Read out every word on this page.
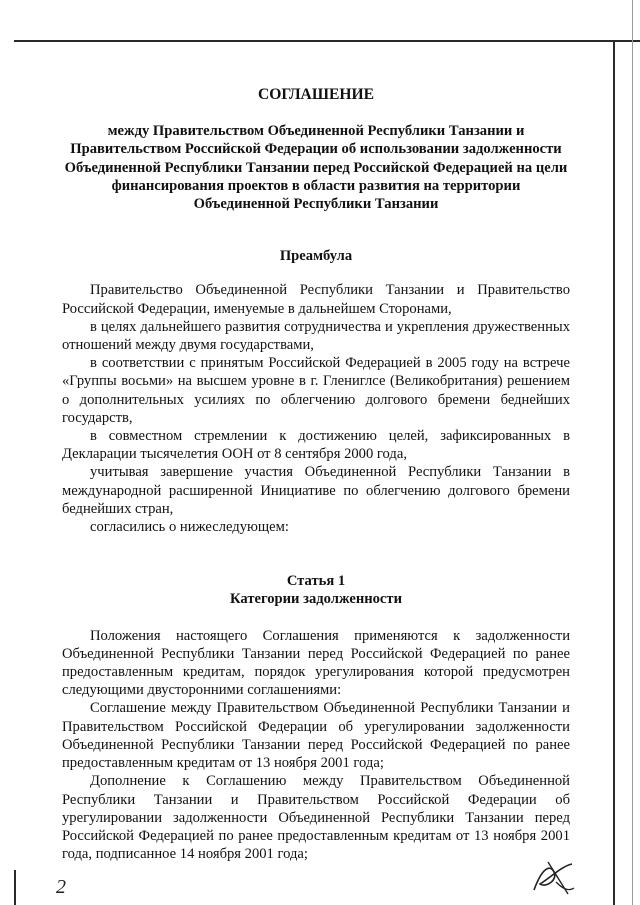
СОГЛАШЕНИЕ
между Правительством Объединенной Республики Танзании и Правительством Российской Федерации об использовании задолженности Объединенной Республики Танзании перед Российской Федерацией на цели финансирования проектов в области развития на территории Объединенной Республики Танзании
Преамбула

Правительство Объединенной Республики Танзании и Правительство Российской Федерации, именуемые в дальнейшем Сторонами,

в целях дальнейшего развития сотрудничества и укрепления дружественных отношений между двумя государствами,

в соответствии с принятым Российской Федерацией в 2005 году на встрече «Группы восьми» на высшем уровне в г. Глениглсе (Великобритания) решением о дополнительных усилиях по облегчению долгового бремени беднейших государств,

в совместном стремлении к достижению целей, зафиксированных в Декларации тысячелетия ООН от 8 сентября 2000 года,

учитывая завершение участия Объединенной Республики Танзании в международной расширенной Инициативе по облегчению долгового бремени беднейших стран,

согласились о нижеследующем:

Статья 1
Категории задолженности

Положения настоящего Соглашения применяются к задолженности Объединенной Республики Танзании перед Российской Федерацией по ранее предоставленным кредитам, порядок урегулирования которой предусмотрен следующими двусторонними соглашениями:

Соглашение между Правительством Объединенной Республики Танзании и Правительством Российской Федерации об урегулировании задолженности Объединенной Республики Танзании перед Российской Федерацией по ранее предоставленным кредитам от 13 ноября 2001 года;

Дополнение к Соглашению между Правительством Объединенной Республики Танзании и Правительством Российской Федерации об урегулировании задолженности Объединенной Республики Танзании перед Российской Федерацией по ранее предоставленным кредитам от 13 ноября 2001 года, подписанное 14 ноября 2001 года;

2
